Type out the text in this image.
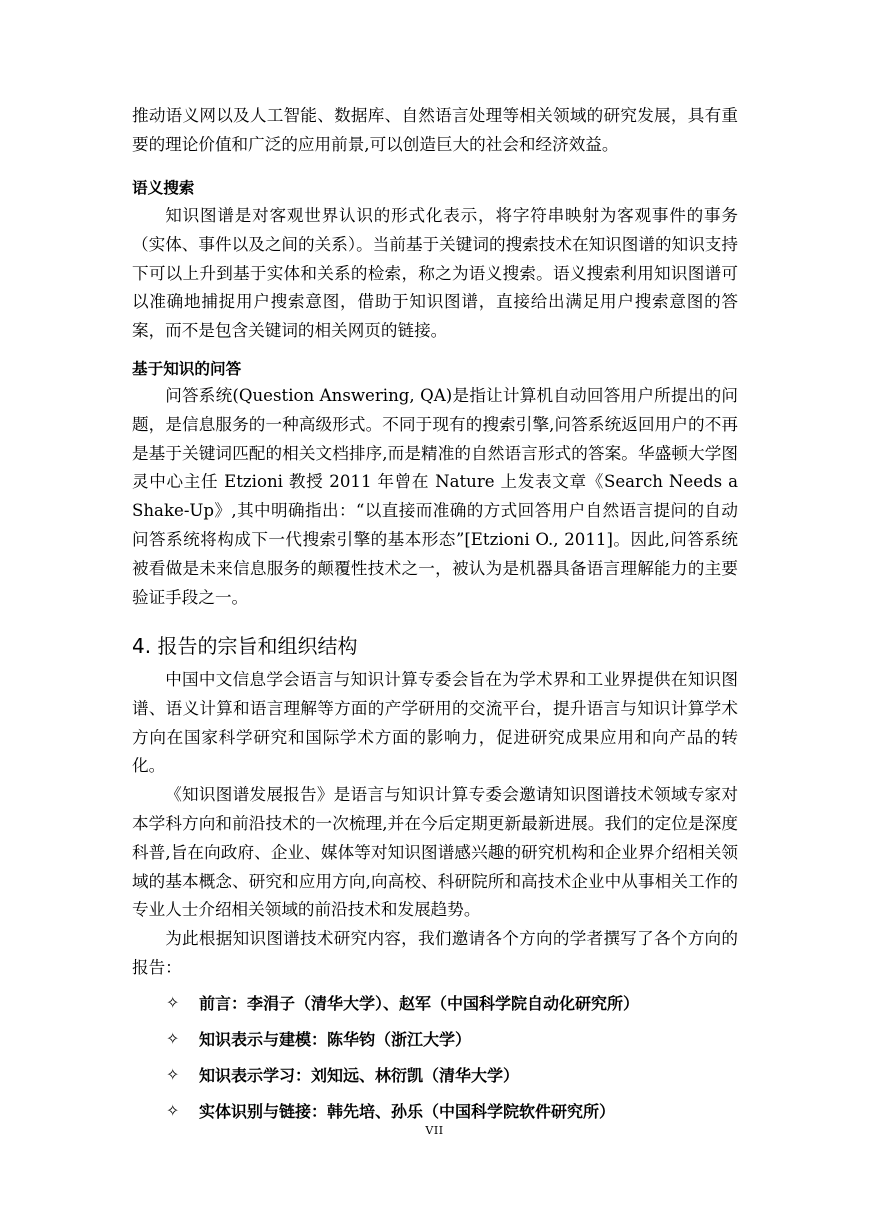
推动语义网以及人工智能、数据库、自然语言处理等相关领域的研究发展，具有重要的理论价值和广泛的应用前景,可以创造巨大的社会和经济效益。

语义搜索

知识图谱是对客观世界认识的形式化表示，将字符串映射为客观事件的事务（实体、事件以及之间的关系）。当前基于关键词的搜索技术在知识图谱的知识支持下可以上升到基于实体和关系的检索，称之为语义搜索。语义搜索利用知识图谱可以准确地捕捉用户搜索意图，借助于知识图谱，直接给出满足用户搜索意图的答案，而不是包含关键词的相关网页的链接。

基于知识的问答

问答系统(Question Answering, QA)是指让计算机自动回答用户所提出的问题，是信息服务的一种高级形式。不同于现有的搜索引擎,问答系统返回用户的不再是基于关键词匹配的相关文档排序,而是精准的自然语言形式的答案。华盛顿大学图灵中心主任 Etzioni 教授 2011 年曾在 Nature 上发表文章《Search Needs a Shake-Up》,其中明确指出：“以直接而准确的方式回答用户自然语言提问的自动问答系统将构成下一代搜索引擎的基本形态”[Etzioni O., 2011]。因此,问答系统被看做是未来信息服务的颠覆性技术之一，被认为是机器具备语言理解能力的主要验证手段之一。

4. 报告的宗旨和组织结构

中国中文信息学会语言与知识计算专委会旨在为学术界和工业界提供在知识图谱、语义计算和语言理解等方面的产学研用的交流平台，提升语言与知识计算学术方向在国家科学研究和国际学术方面的影响力，促进研究成果应用和向产品的转化。

《知识图谱发展报告》是语言与知识计算专委会邀请知识图谱技术领域专家对本学科方向和前沿技术的一次梳理,并在今后定期更新最新进展。我们的定位是深度科普,旨在向政府、企业、媒体等对知识图谱感兴趣的研究机构和企业界介绍相关领域的基本概念、研究和应用方向,向高校、科研院所和高技术企业中从事相关工作的专业人士介绍相关领域的前沿技术和发展趋势。

为此根据知识图谱技术研究内容，我们邀请各个方向的学者撰写了各个方向的报告：

✧	前言：李涓子（清华大学）、赵军（中国科学院自动化研究所）
✧	知识表示与建模：陈华钧（浙江大学）
✧	知识表示学习：刘知远、林衍凯（清华大学）
✧	实体识别与链接：韩先培、孙乐（中国科学院软件研究所）
VII
